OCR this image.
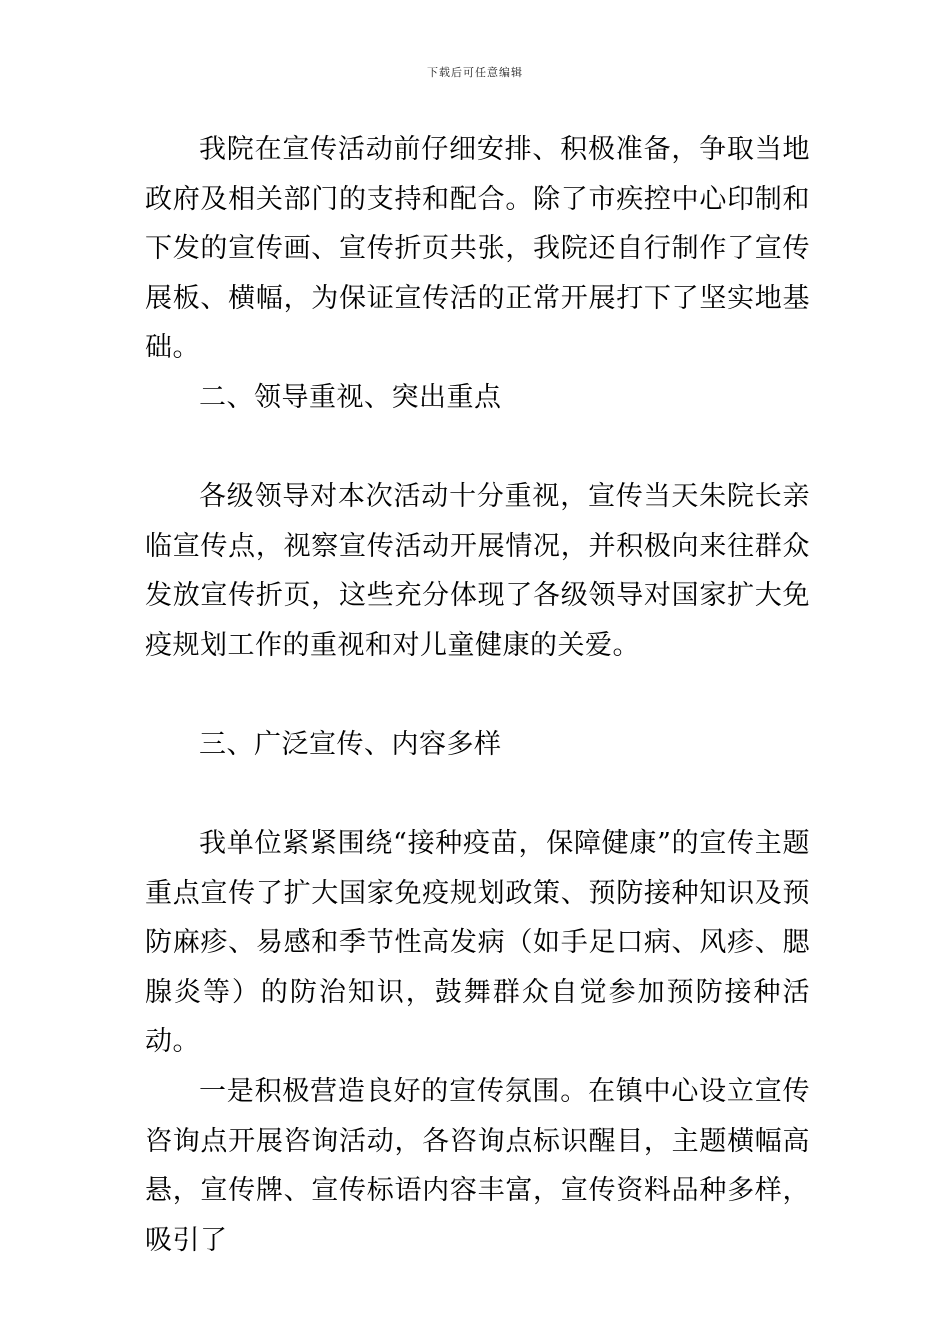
下载后可任意编辑

我院在宣传活动前仔细安排、积极准备，争取当地政府及相关部门的支持和配合。除了市疾控中心印制和下发的宣传画、宣传折页共张，我院还自行制作了宣传展板、横幅，为保证宣传活的正常开展打下了坚实地基础。

二、领导重视、突出重点

各级领导对本次活动十分重视，宣传当天朱院长亲临宣传点，视察宣传活动开展情况，并积极向来往群众发放宣传折页，这些充分体现了各级领导对国家扩大免疫规划工作的重视和对儿童健康的关爱。

三、广泛宣传、内容多样

我单位紧紧围绕“接种疫苗，保障健康”的宣传主题重点宣传了扩大国家免疫规划政策、预防接种知识及预防麻疹、易感和季节性高发病（如手足口病、风疹、腮腺炎等）的防治知识，鼓舞群众自觉参加预防接种活动。

一是积极营造良好的宣传氛围。在镇中心设立宣传咨询点开展咨询活动，各咨询点标识醒目，主题横幅高悬，宣传牌、宣传标语内容丰富，宣传资料品种多样，吸引了
